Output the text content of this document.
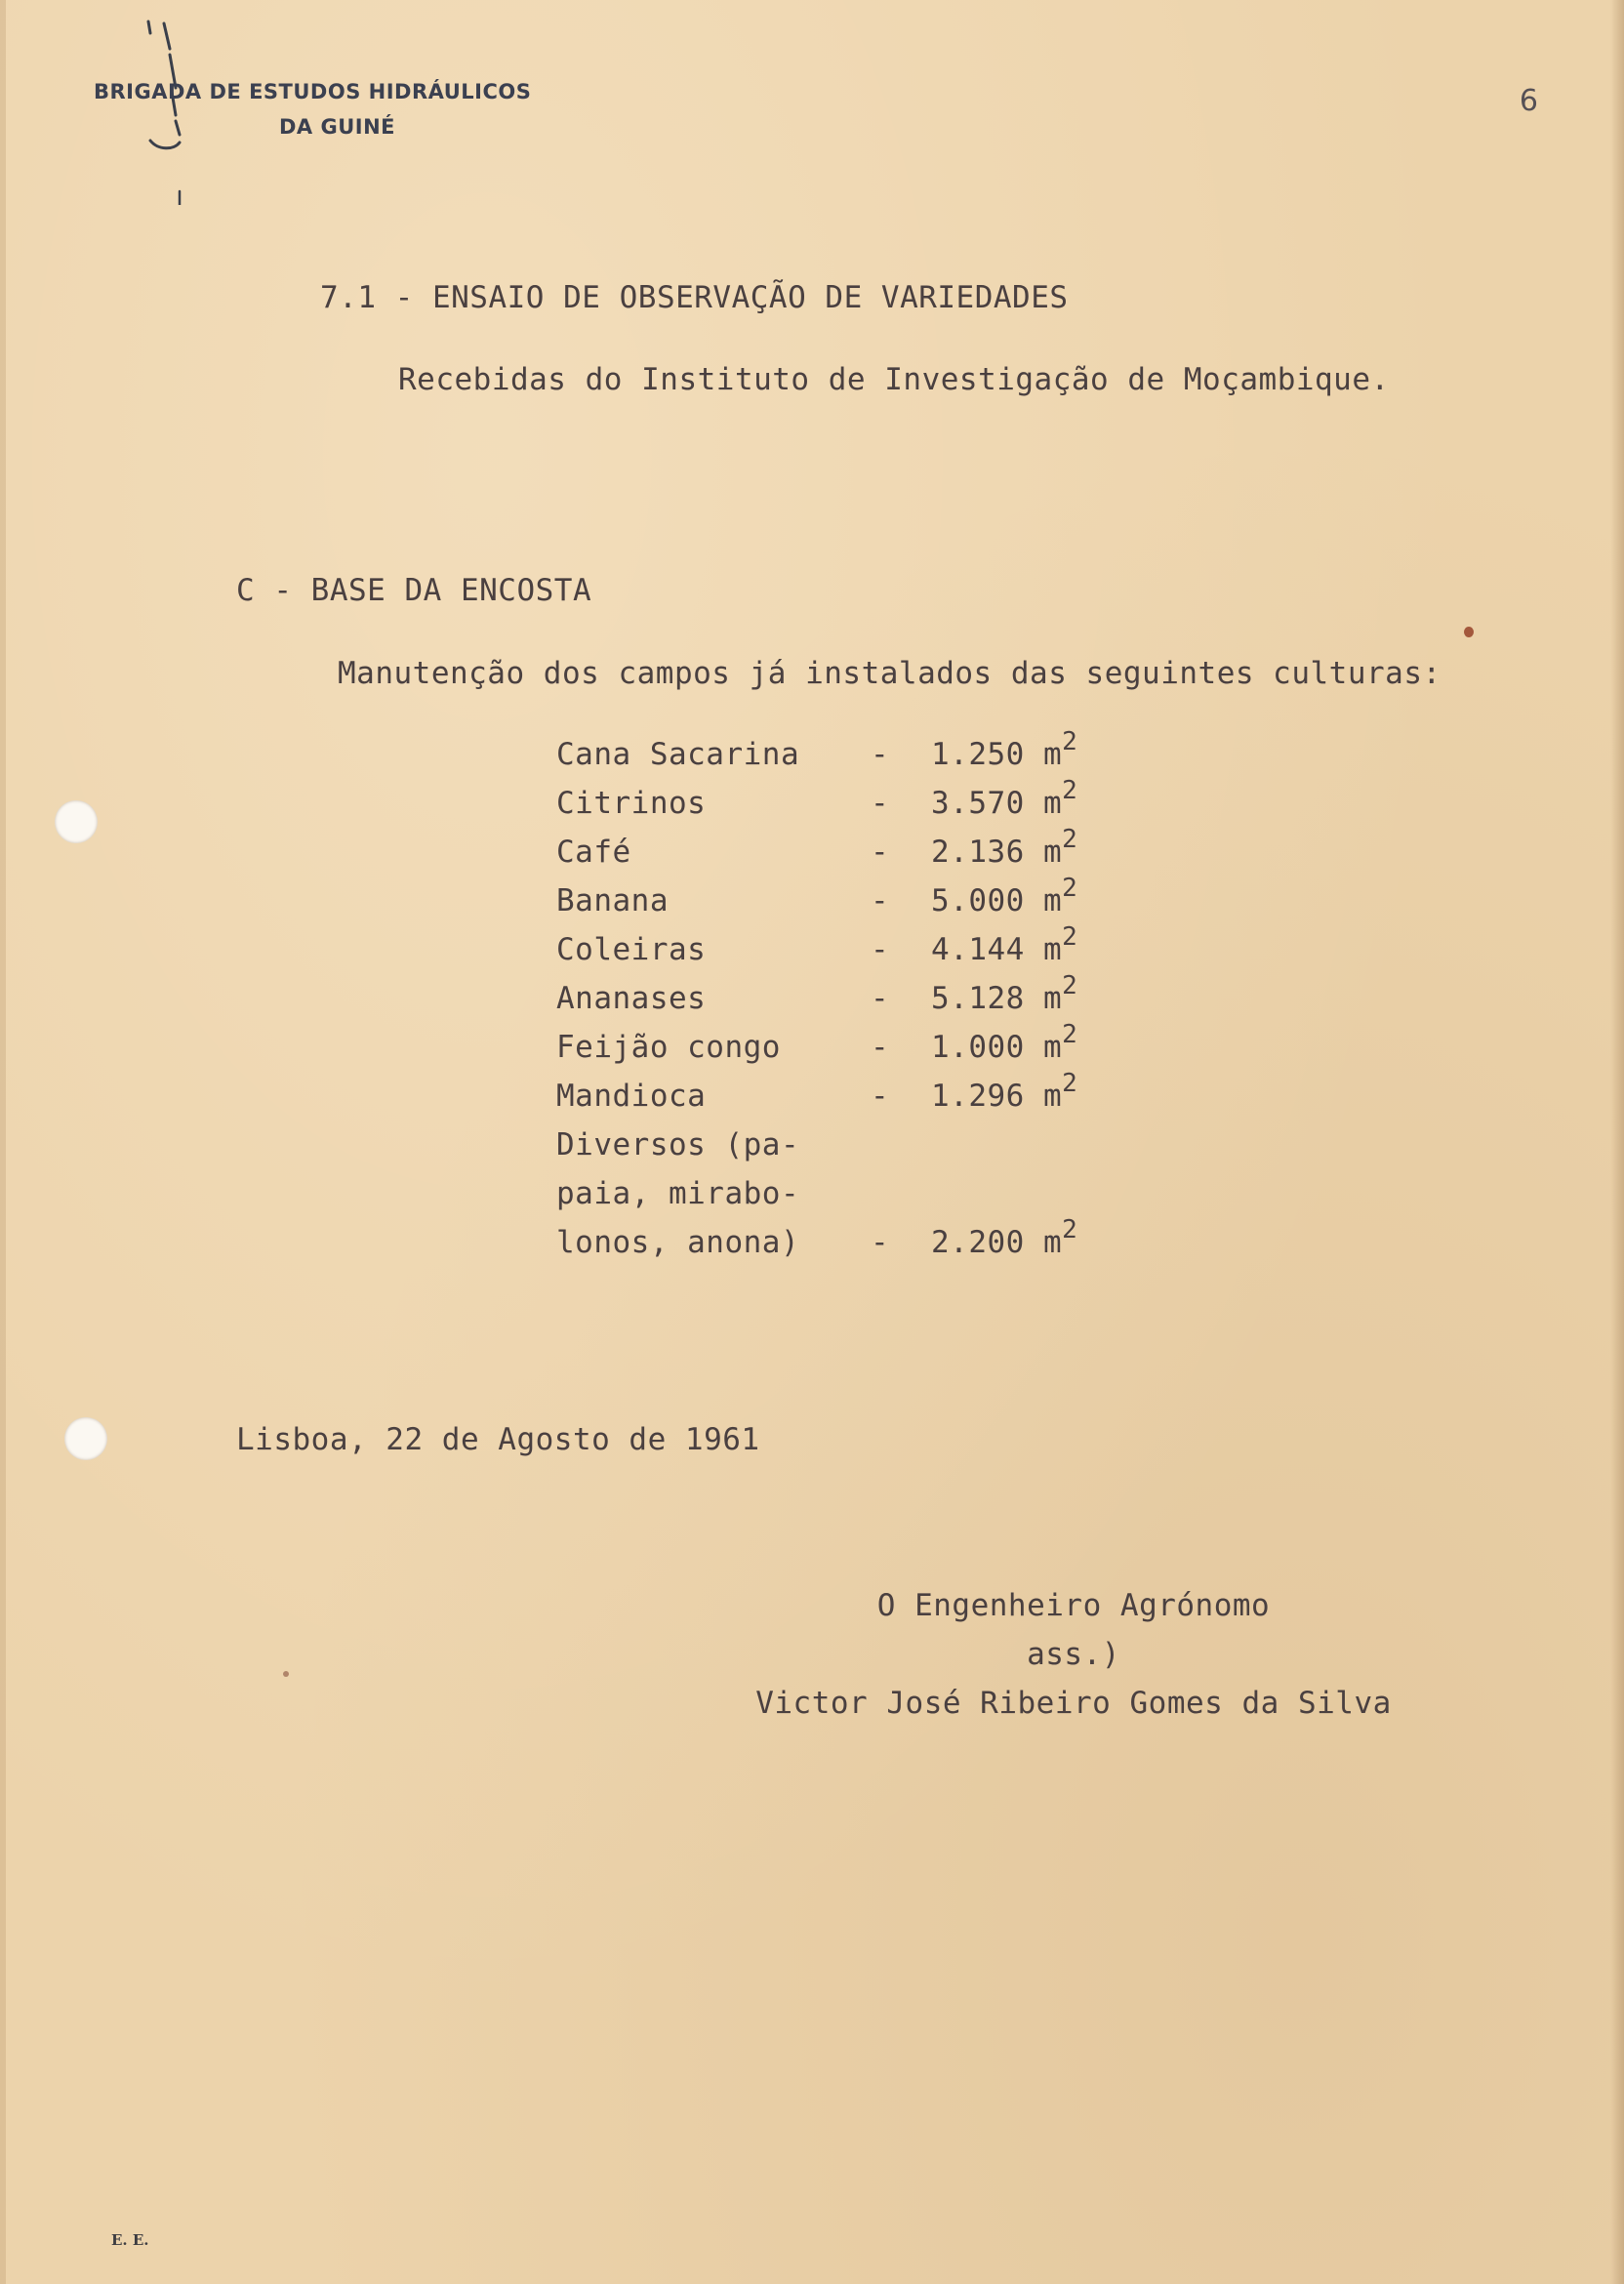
BRIGADA DE ESTUDOS HIDRÁULICOS
DA GUINÉ
6
7.1 - ENSAIO DE OBSERVAÇÃO DE VARIEDADES
Recebidas do Instituto de Investigação de Moçambique.
C - BASE DA ENCOSTA
Manutenção dos campos já instalados das seguintes culturas:
Cana Sacarina	-	1.250 $m^2$
Citrinos	-	3.570 $m^2$
Café	-	2.136 $m^2$
Banana	-	5.000 $m^2$
Coleiras	-	4.144 $m^2$
Ananases	-	5.128 $m^2$
Feijão congo	-	1.000 $m^2$
Mandioca	-	1.296 $m^2$
Diversos (pa-		
paia, mirabo-		
lonos, anona)	-	2.200 $m^2$
Lisboa, 22 de Agosto de 1961
O Engenheiro Agrónomo
ass.)
Victor José Ribeiro Gomes da Silva
E. E.
